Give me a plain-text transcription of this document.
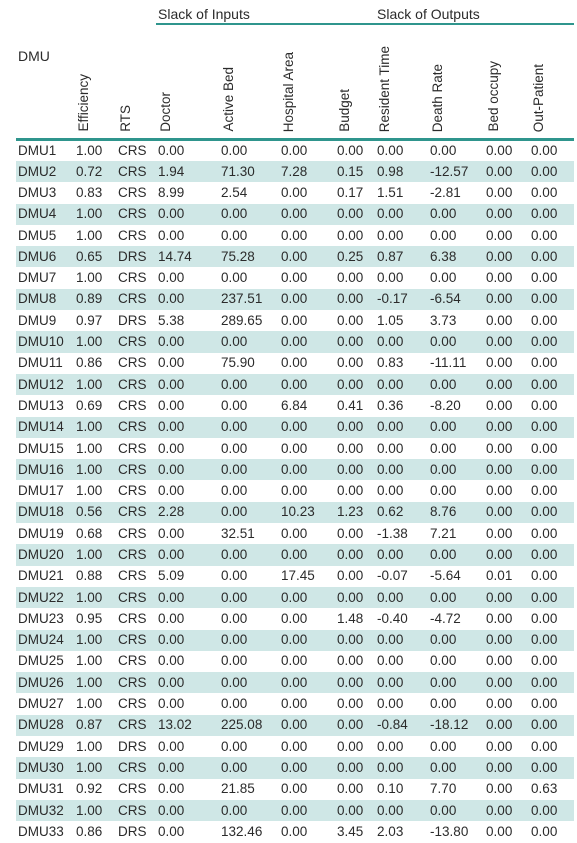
			Slack of Inputs				Slack of Outputs			
DMU	Efficiency	RTS	Doctor	Active Bed	Hospital Area	Budget	Resident Time	Death Rate	Bed occupy	Out-Patient

DMU1	1.00	CRS	0.00	0.00	0.00	0.00	0.00	0.00	0.00	0.00
DMU2	0.72	CRS	1.94	71.30	7.28	0.15	0.98	-12.57	0.00	0.00
DMU3	0.83	CRS	8.99	2.54	0.00	0.17	1.51	-2.81	0.00	0.00
DMU4	1.00	CRS	0.00	0.00	0.00	0.00	0.00	0.00	0.00	0.00
DMU5	1.00	CRS	0.00	0.00	0.00	0.00	0.00	0.00	0.00	0.00
DMU6	0.65	DRS	14.74	75.28	0.00	0.25	0.87	6.38	0.00	0.00
DMU7	1.00	CRS	0.00	0.00	0.00	0.00	0.00	0.00	0.00	0.00
DMU8	0.89	CRS	0.00	237.51	0.00	0.00	-0.17	-6.54	0.00	0.00
DMU9	0.97	DRS	5.38	289.65	0.00	0.00	1.05	3.73	0.00	0.00
DMU10	1.00	CRS	0.00	0.00	0.00	0.00	0.00	0.00	0.00	0.00
DMU11	0.86	CRS	0.00	75.90	0.00	0.00	0.83	-11.11	0.00	0.00
DMU12	1.00	CRS	0.00	0.00	0.00	0.00	0.00	0.00	0.00	0.00
DMU13	0.69	CRS	0.00	0.00	6.84	0.41	0.36	-8.20	0.00	0.00
DMU14	1.00	CRS	0.00	0.00	0.00	0.00	0.00	0.00	0.00	0.00
DMU15	1.00	CRS	0.00	0.00	0.00	0.00	0.00	0.00	0.00	0.00
DMU16	1.00	CRS	0.00	0.00	0.00	0.00	0.00	0.00	0.00	0.00
DMU17	1.00	CRS	0.00	0.00	0.00	0.00	0.00	0.00	0.00	0.00
DMU18	0.56	CRS	2.28	0.00	10.23	1.23	0.62	8.76	0.00	0.00
DMU19	0.68	CRS	0.00	32.51	0.00	0.00	-1.38	7.21	0.00	0.00
DMU20	1.00	CRS	0.00	0.00	0.00	0.00	0.00	0.00	0.00	0.00
DMU21	0.88	CRS	5.09	0.00	17.45	0.00	-0.07	-5.64	0.01	0.00
DMU22	1.00	CRS	0.00	0.00	0.00	0.00	0.00	0.00	0.00	0.00
DMU23	0.95	CRS	0.00	0.00	0.00	1.48	-0.40	-4.72	0.00	0.00
DMU24	1.00	CRS	0.00	0.00	0.00	0.00	0.00	0.00	0.00	0.00
DMU25	1.00	CRS	0.00	0.00	0.00	0.00	0.00	0.00	0.00	0.00
DMU26	1.00	CRS	0.00	0.00	0.00	0.00	0.00	0.00	0.00	0.00
DMU27	1.00	CRS	0.00	0.00	0.00	0.00	0.00	0.00	0.00	0.00
DMU28	0.87	CRS	13.02	225.08	0.00	0.00	-0.84	-18.12	0.00	0.00
DMU29	1.00	DRS	0.00	0.00	0.00	0.00	0.00	0.00	0.00	0.00
DMU30	1.00	CRS	0.00	0.00	0.00	0.00	0.00	0.00	0.00	0.00
DMU31	0.92	CRS	0.00	21.85	0.00	0.00	0.10	7.70	0.00	0.63
DMU32	1.00	CRS	0.00	0.00	0.00	0.00	0.00	0.00	0.00	0.00
DMU33	0.86	DRS	0.00	132.46	0.00	3.45	2.03	-13.80	0.00	0.00
